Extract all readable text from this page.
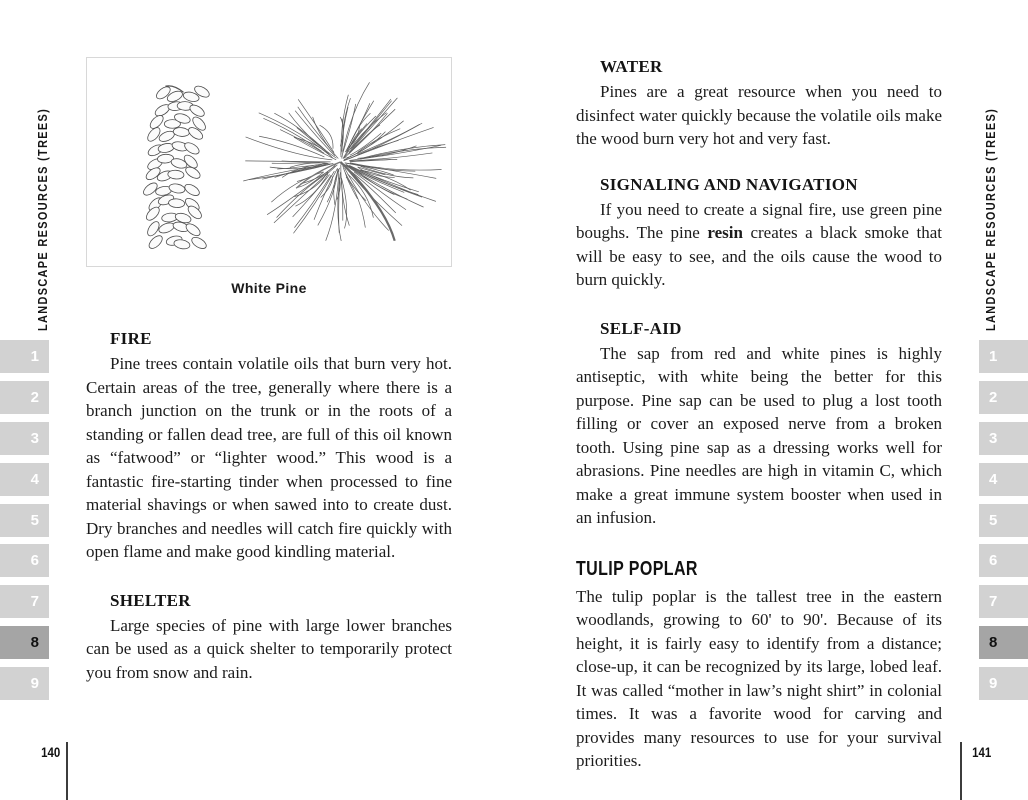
LANDSCAPE RESOURCES (TREES)
1
2
3
4
5
6
7
8
9
LANDSCAPE RESOURCES (TREES)
1
2
3
4
5
6
7
8
9
White Pine
FIRE

Pine trees contain volatile oils that burn very hot. Certain areas of the tree, generally where there is a branch junction on the trunk or in the roots of a standing or fallen dead tree, are full of this oil known as “fatwood” or “lighter wood.” This wood is a fantastic fire-starting tinder when processed to fine material shavings or when sawed into to create dust. Dry branches and needles will catch fire quickly with open flame and make good kindling material.

SHELTER

Large species of pine with large lower branches can be used as a quick shelter to temporarily protect you from snow and rain.

WATER

Pines are a great resource when you need to disinfect water quickly because the volatile oils make the wood burn very hot and very fast.

SIGNALING AND NAVIGATION

If you need to create a signal fire, use green pine boughs. The pine resin creates a black smoke that will be easy to see, and the oils cause the wood to burn quickly.

SELF-AID

The sap from red and white pines is highly antiseptic, with white being the better for this purpose. Pine sap can be used to plug a lost tooth filling or cover an exposed nerve from a broken tooth. Using pine sap as a dressing works well for abrasions. Pine needles are high in vitamin C, which make a great immune system booster when used in an infusion.

TULIP POPLAR

The tulip poplar is the tallest tree in the eastern woodlands, growing to 60' to 90'. Because of its height, it is fairly easy to identify from a distance; close-up, it can be recognized by its large, lobed leaf. It was called “mother in law’s night shirt” in colonial times. It was a favorite wood for carving and provides many resources to use for your survival priorities.

140	141
